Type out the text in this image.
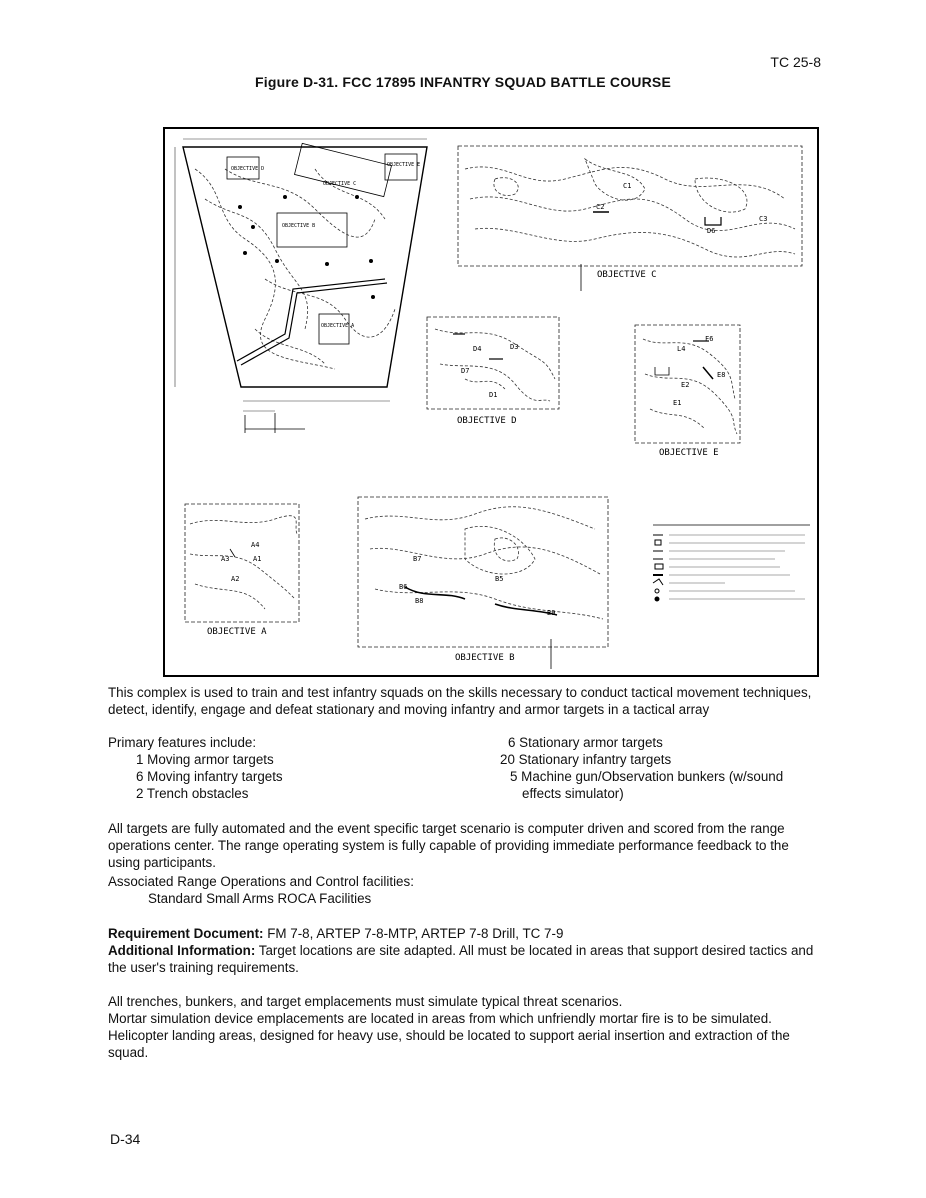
TC 25-8
Figure D-31. FCC 17895 INFANTRY SQUAD BATTLE COURSE
OBJECTIVE D
OBJECTIVE C
OBJECTIVE E
OBJECTIVE B
OBJECTIVE A
OBJECTIVE C
C1
C2
C3
D6
OBJECTIVE D
D4	D3
D7
D1
OBJECTIVE E
F6
L4
E8
E2
E1
OBJECTIVE A
A4
A3	A1
A2
OBJECTIVE B
B7
B6
B8
B5
B9
This complex is used to train and test infantry squads on the skills necessary to conduct tactical movement techniques, detect, identify, engage and defeat stationary and moving infantry and armor targets in a tactical array
Primary features include:
1 Moving armor targets
6 Moving infantry targets
2 Trench obstacles
6 Stationary armor targets
20 Stationary infantry targets
5 Machine gun/Observation bunkers (w/sound
effects simulator)
All targets are fully automated and the event specific target scenario is computer driven and scored from the range operations center. The range operating system is fully capable of providing immediate performance feedback to the using participants.
Associated Range Operations and Control facilities:
Standard Small Arms ROCA Facilities
Requirement Document: FM 7-8, ARTEP 7-8-MTP, ARTEP 7-8 Drill, TC 7-9
Additional Information: Target locations are site adapted. All must be located in areas that support desired tactics and the user's training requirements.
All trenches, bunkers, and target emplacements must simulate typical threat scenarios.
Mortar simulation device emplacements are located in areas from which unfriendly mortar fire is to be simulated.
Helicopter landing areas, designed for heavy use, should be located to support aerial insertion and extraction of the squad.
D-34
